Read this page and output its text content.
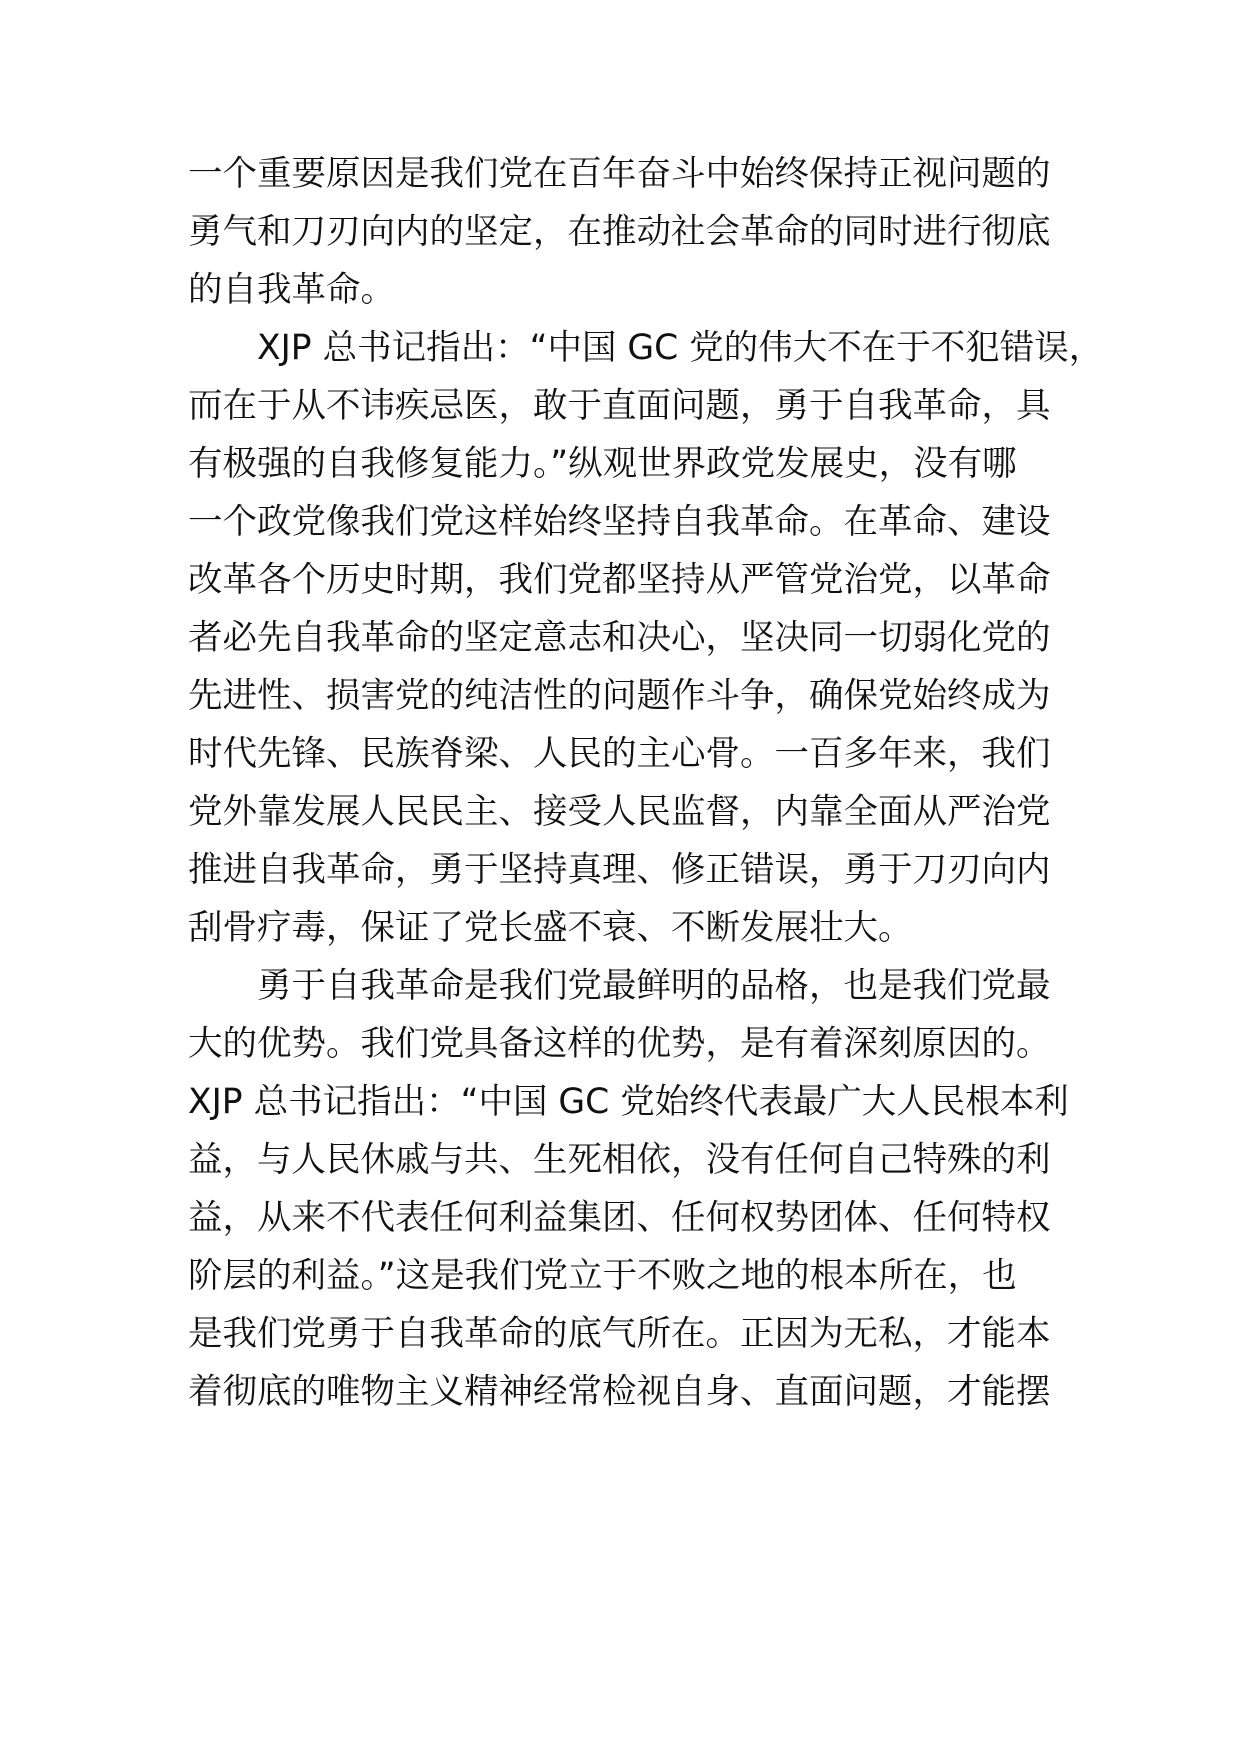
一个重要原因是我们党在百年奋斗中始终保持正视问题的
勇气和刀刃向内的坚定，在推动社会革命的同时进行彻底
的自我革命。
XJP 总书记指出：“中国 GC 党的伟大不在于不犯错误，
而在于从不讳疾忌医，敢于直面问题，勇于自我革命，具
有极强的自我修复能力。”纵观世界政党发展史，没有哪
一个政党像我们党这样始终坚持自我革命。在革命、建设
改革各个历史时期，我们党都坚持从严管党治党，以革命
者必先自我革命的坚定意志和决心，坚决同一切弱化党的
先进性、损害党的纯洁性的问题作斗争，确保党始终成为
时代先锋、民族脊梁、人民的主心骨。一百多年来，我们
党外靠发展人民民主、接受人民监督，内靠全面从严治党
推进自我革命，勇于坚持真理、修正错误，勇于刀刃向内
刮骨疗毒，保证了党长盛不衰、不断发展壮大。
勇于自我革命是我们党最鲜明的品格，也是我们党最
大的优势。我们党具备这样的优势，是有着深刻原因的。
XJP 总书记指出：“中国 GC 党始终代表最广大人民根本利
益，与人民休戚与共、生死相依，没有任何自己特殊的利
益，从来不代表任何利益集团、任何权势团体、任何特权
阶层的利益。”这是我们党立于不败之地的根本所在，也
是我们党勇于自我革命的底气所在。正因为无私，才能本
着彻底的唯物主义精神经常检视自身、直面问题，才能摆
